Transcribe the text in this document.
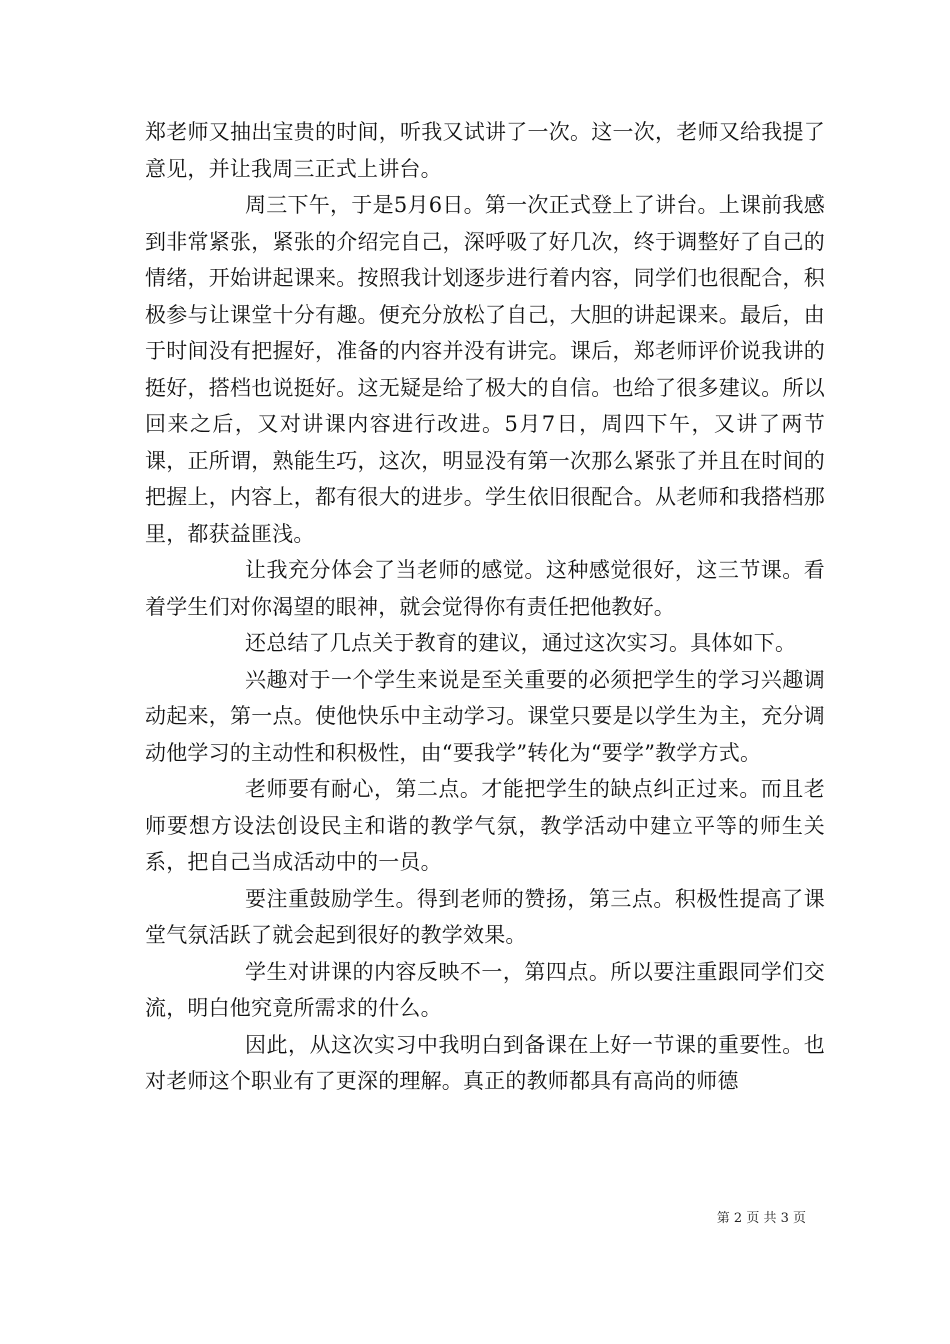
郑老师又抽出宝贵的时间，听我又试讲了一次。这一次，老师又给我提了意见，并让我周三正式上讲台。

周三下午，于是5月6日。第一次正式登上了讲台。上课前我感到非常紧张，紧张的介绍完自己，深呼吸了好几次，终于调整好了自己的情绪，开始讲起课来。按照我计划逐步进行着内容，同学们也很配合，积极参与让课堂十分有趣。便充分放松了自己，大胆的讲起课来。最后，由于时间没有把握好，准备的内容并没有讲完。课后，郑老师评价说我讲的挺好，搭档也说挺好。这无疑是给了极大的自信。也给了很多建议。所以回来之后，又对讲课内容进行改进。5月7日，周四下午，又讲了两节课，正所谓，熟能生巧，这次，明显没有第一次那么紧张了并且在时间的把握上，内容上，都有很大的进步。学生依旧很配合。从老师和我搭档那里，都获益匪浅。

让我充分体会了当老师的感觉。这种感觉很好，这三节课。看着学生们对你渴望的眼神，就会觉得你有责任把他教好。

还总结了几点关于教育的建议，通过这次实习。具体如下。

兴趣对于一个学生来说是至关重要的必须把学生的学习兴趣调动起来，第一点。使他快乐中主动学习。课堂只要是以学生为主，充分调动他学习的主动性和积极性，由“要我学”转化为“要学”教学方式。

老师要有耐心，第二点。才能把学生的缺点纠正过来。而且老师要想方设法创设民主和谐的教学气氛，教学活动中建立平等的师生关系，把自己当成活动中的一员。

要注重鼓励学生。得到老师的赞扬，第三点。积极性提高了课堂气氛活跃了就会起到很好的教学效果。

学生对讲课的内容反映不一，第四点。所以要注重跟同学们交流，明白他究竟所需求的什么。

因此，从这次实习中我明白到备课在上好一节课的重要性。也对老师这个职业有了更深的理解。真正的教师都具有高尚的师德

第 2 页 共 3 页
